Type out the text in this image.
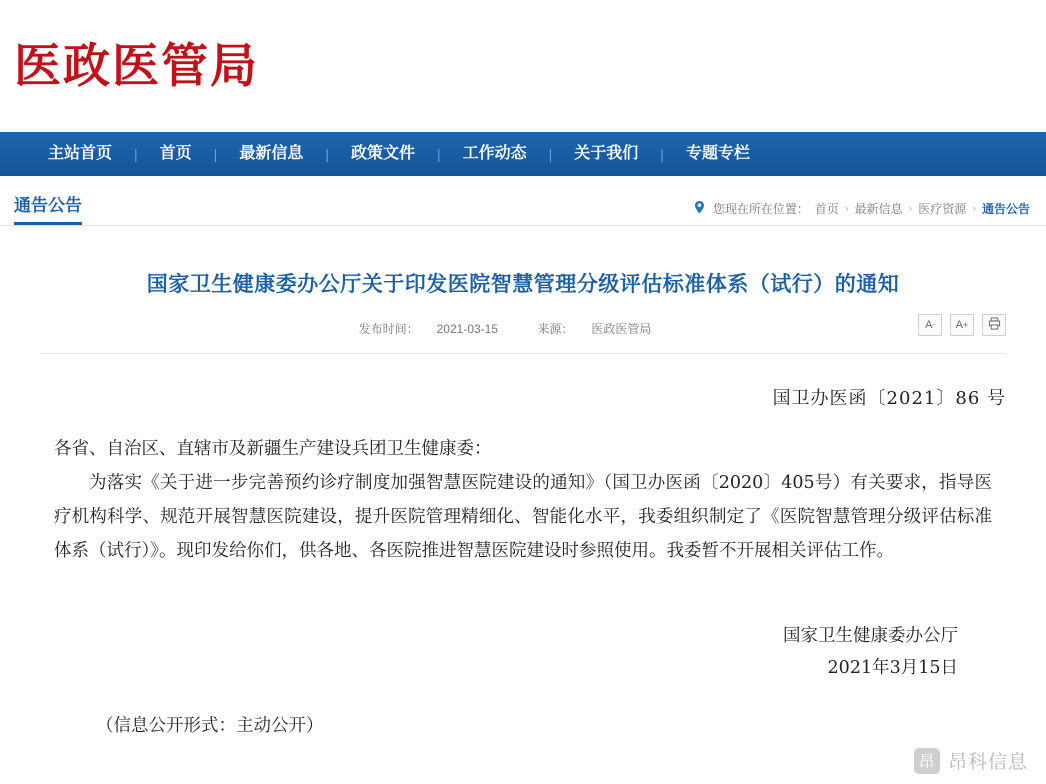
医政医管局
主站首页	|	首页	|	最新信息	|	政策文件	|	工作动态	|	关于我们	|	专题专栏
通告公告	您现在所在位置： 首页 › 最新信息 › 医疗资源 › 通告公告
国家卫生健康委办公厅关于印发医院智慧管理分级评估标准体系（试行）的通知
发布时间： 2021-03-15	来源： 医政医管局	A - A +
国卫办医函〔2021〕86 号

各省、自治区、直辖市及新疆生产建设兵团卫生健康委：

为落实《关于进一步完善预约诊疗制度加强智慧医院建设的通知》（国卫办医函〔2020〕405号）有关要求，指导医疗机构科学、规范开展智慧医院建设，提升医院管理精细化、智能化水平，我委组织制定了《医院智慧管理分级评估标准体系（试行）》。现印发给你们，供各地、各医院推进智慧医院建设时参照使用。我委暂不开展相关评估工作。

国家卫生健康委办公厅
2021年3月15日
（信息公开形式：主动公开）
昂 昂科信息
